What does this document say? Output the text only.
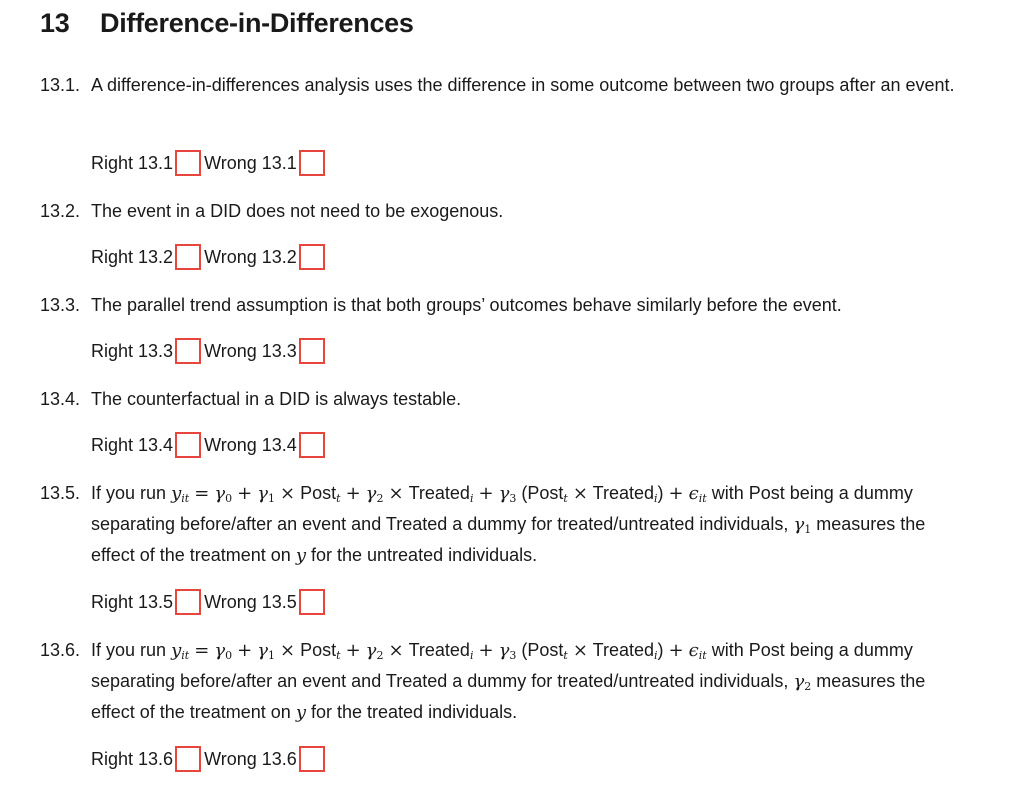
13 Difference-in-Differences
13.1. A difference-in-differences analysis uses the difference in some outcome between two groups after an event.
Right 13.1 Wrong 13.1
13.2. The event in a DID does not need to be exogenous.
Right 13.2 Wrong 13.2
13.3. The parallel trend assumption is that both groups’ outcomes behave similarly before the event.
Right 13.3 Wrong 13.3
13.4. The counterfactual in a DID is always testable.
Right 13.4 Wrong 13.4
13.5. If you run $y_{it} = \gamma_0 + \gamma_1$ × Post$_t$ + $\gamma_2$ × Treated$_i$ + $\gamma_3$ (Post$_t$ × Treated$_i$) + $\epsilon_{it}$ with Post being a dummy separating before/after an event and Treated a dummy for treated/untreated individuals, $\gamma_1$ measures the effect of the treatment on y for the untreated individuals.
Right 13.5 Wrong 13.5
13.6. If you run $y_{it} = \gamma_0 + \gamma_1$ × Post$_t$ + $\gamma_2$ × Treated$_i$ + $\gamma_3$ (Post$_t$ × Treated$_i$) + $\epsilon_{it}$ with Post being a dummy separating before/after an event and Treated a dummy for treated/untreated individuals, $\gamma_2$ measures the effect of the treatment on y for the treated individuals.
Right 13.6 Wrong 13.6
